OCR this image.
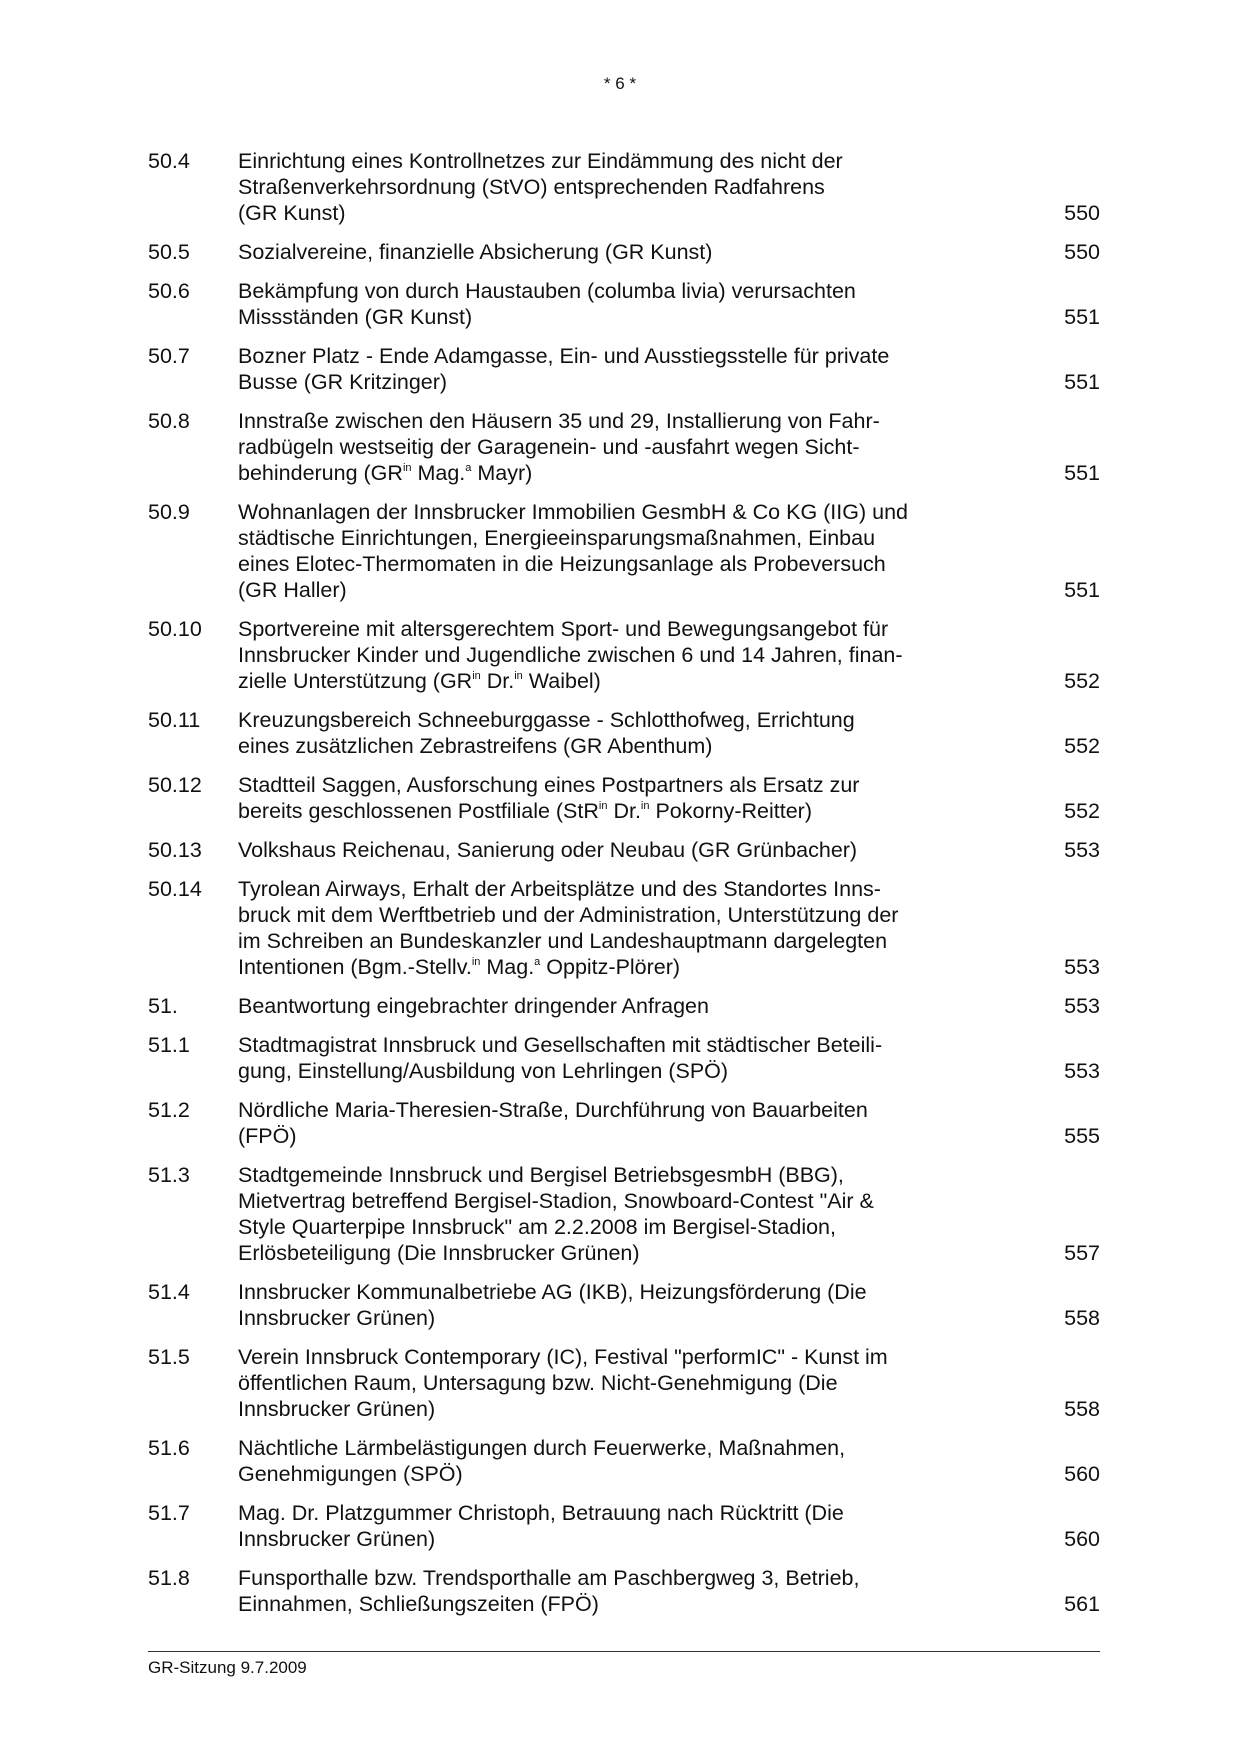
* 6 *
50.4	Einrichtung eines Kontrollnetzes zur Eindämmung des nicht der
Straßenverkehrsordnung (StVO) entsprechenden Radfahrens
(GR Kunst)	550
50.5	Sozialvereine, finanzielle Absicherung (GR Kunst)	550
50.6	Bekämpfung von durch Haustauben (columba livia) verursachten
Missständen (GR Kunst)	551
50.7	Bozner Platz - Ende Adamgasse, Ein- und Ausstiegsstelle für private
Busse (GR Kritzinger)	551
50.8	Innstraße zwischen den Häusern 35 und 29, Installierung von Fahr-
radbügeln westseitig der Garagenein- und -ausfahrt wegen Sicht-
behinderung ($GR^{in}$ Mag.$^a$ Mayr)	551
50.9	Wohnanlagen der Innsbrucker Immobilien GesmbH & Co KG (IIG) und
städtische Einrichtungen, Energieeinsparungsmaßnahmen, Einbau
eines Elotec-Thermomaten in die Heizungsanlage als Probeversuch
(GR Haller)	551
50.10	Sportvereine mit altersgerechtem Sport- und Bewegungsangebot für
Innsbrucker Kinder und Jugendliche zwischen 6 und 14 Jahren, finan-
zielle Unterstützung ($GR^{in}$ Dr.$^{in}$ Waibel)	552
50.11	Kreuzungsbereich Schneeburggasse - Schlotthofweg, Errichtung
eines zusätzlichen Zebrastreifens (GR Abenthum)	552
50.12	Stadtteil Saggen, Ausforschung eines Postpartners als Ersatz zur
bereits geschlossenen Postfiliale (StR$^{in}$ Dr.$^{in}$ Pokorny-Reitter)	552
50.13	Volkshaus Reichenau, Sanierung oder Neubau (GR Grünbacher)	553
50.14	Tyrolean Airways, Erhalt der Arbeitsplätze und des Standortes Inns-
bruck mit dem Werftbetrieb und der Administration, Unterstützung der
im Schreiben an Bundeskanzler und Landeshauptmann dargelegten
Intentionen (Bgm.-Stellv.$^{in}$ Mag.$^a$ Oppitz-Plörer)	553
51.	Beantwortung eingebrachter dringender Anfragen	553
51.1	Stadtmagistrat Innsbruck und Gesellschaften mit städtischer Beteili-
gung, Einstellung/Ausbildung von Lehrlingen (SPÖ)	553
51.2	Nördliche Maria-Theresien-Straße, Durchführung von Bauarbeiten
(FPÖ)	555
51.3	Stadtgemeinde Innsbruck und Bergisel BetriebsgesmbH (BBG),
Mietvertrag betreffend Bergisel-Stadion, Snowboard-Contest "Air &
Style Quarterpipe Innsbruck" am 2.2.2008 im Bergisel-Stadion,
Erlösbeteiligung (Die Innsbrucker Grünen)	557
51.4	Innsbrucker Kommunalbetriebe AG (IKB), Heizungsförderung (Die
Innsbrucker Grünen)	558
51.5	Verein Innsbruck Contemporary (IC), Festival "performIC" - Kunst im
öffentlichen Raum, Untersagung bzw. Nicht-Genehmigung (Die
Innsbrucker Grünen)	558
51.6	Nächtliche Lärmbelästigungen durch Feuerwerke, Maßnahmen,
Genehmigungen (SPÖ)	560
51.7	Mag. Dr. Platzgummer Christoph, Betrauung nach Rücktritt (Die
Innsbrucker Grünen)	560
51.8	Funsporthalle bzw. Trendsporthalle am Paschbergweg 3, Betrieb,
Einnahmen, Schließungszeiten (FPÖ)	561
GR-Sitzung 9.7.2009
